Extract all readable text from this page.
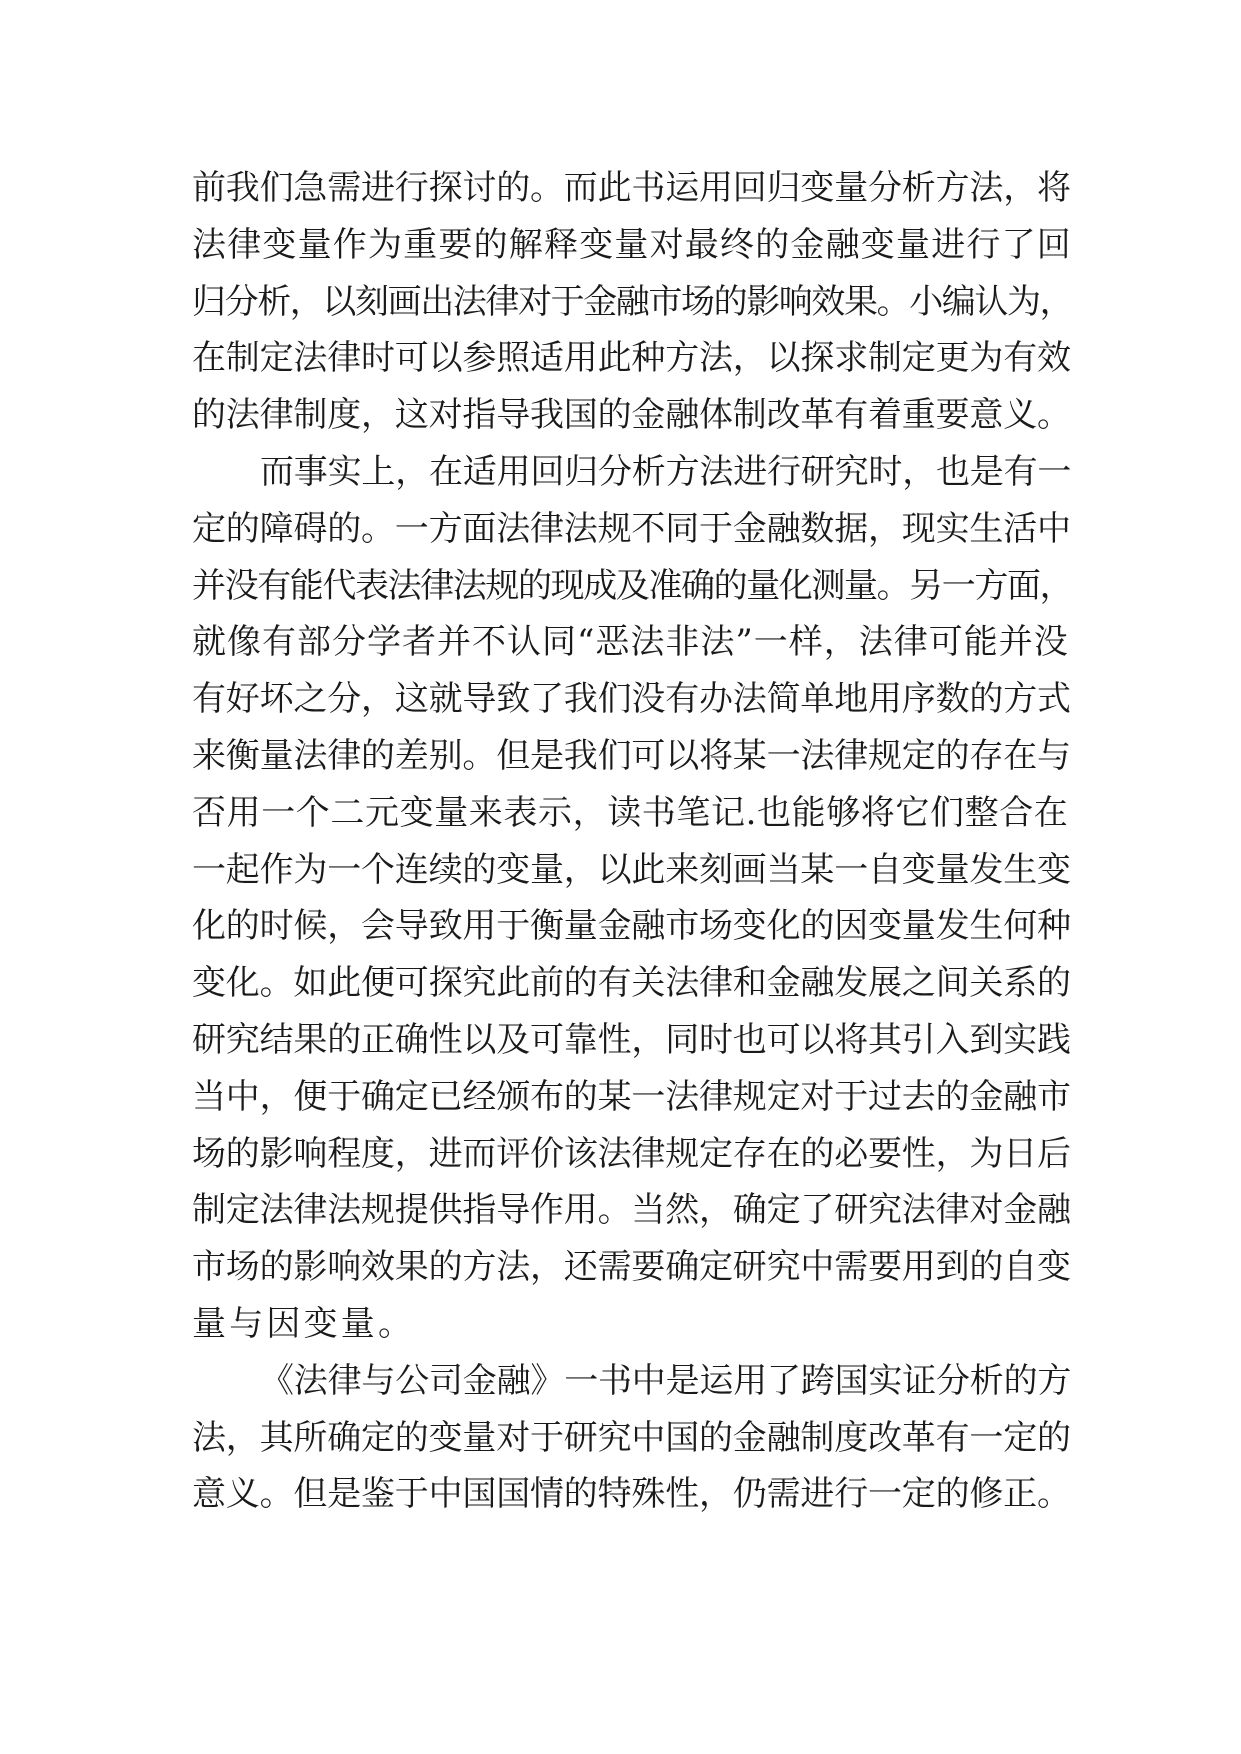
前我们急需进行探讨的。而此书运用回归变量分析方法，将
法律变量作为重要的解释变量对最终的金融变量进行了回
归分析，以刻画出法律对于金融市场的影响效果。小编认为，
在制定法律时可以参照适用此种方法，以探求制定更为有效
的法律制度，这对指导我国的金融体制改革有着重要意义。
而事实上，在适用回归分析方法进行研究时，也是有一
定的障碍的。一方面法律法规不同于金融数据，现实生活中
并没有能代表法律法规的现成及准确的量化测量。另一方面，
就像有部分学者并不认同“恶法非法”一样，法律可能并没
有好坏之分，这就导致了我们没有办法简单地用序数的方式
来衡量法律的差别。但是我们可以将某一法律规定的存在与
否用一个二元变量来表示，读书笔记.也能够将它们整合在
一起作为一个连续的变量，以此来刻画当某一自变量发生变
化的时候，会导致用于衡量金融市场变化的因变量发生何种
变化。如此便可探究此前的有关法律和金融发展之间关系的
研究结果的正确性以及可靠性，同时也可以将其引入到实践
当中，便于确定已经颁布的某一法律规定对于过去的金融市
场的影响程度，进而评价该法律规定存在的必要性，为日后
制定法律法规提供指导作用。当然，确定了研究法律对金融
市场的影响效果的方法，还需要确定研究中需要用到的自变
量与因变量。
《法律与公司金融》一书中是运用了跨国实证分析的方
法，其所确定的变量对于研究中国的金融制度改革有一定的
意义。但是鉴于中国国情的特殊性，仍需进行一定的修正。
